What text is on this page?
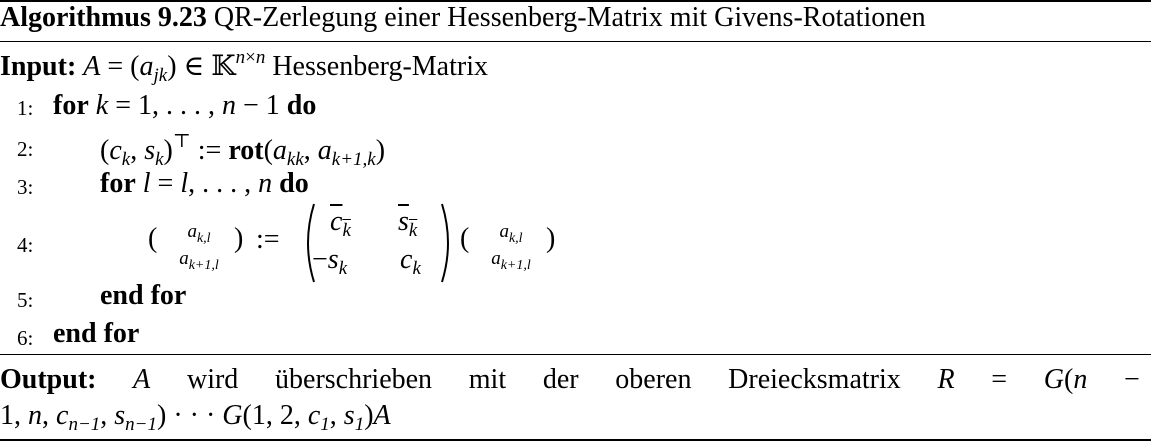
Algorithmus 9.23 QR-Zerlegung einer Hessenberg-Matrix mit Givens-Rotationen
Input: $A = (a_{jk})$ ∈ 𝕂$^{n\times n}$ Hessenberg-Matrix
1: for k = 1, . . . , n − 1 do
2: ($c_k$, $s_k)^⊤$ := $rot(a_{kk}$, $a_{k+1,k}$)
3: for l = l, . . . , n do
4:	(	$a_{k,l}$
$a_{k+1,l}$
) :=
$\overline{c}_{\overline{k}}$ $\overline{s}_{\overline{k}}$
$-s_k$ $c_k$
(	$a_{k,l}$
$a_{k+1,l}$
)
5: end for
6: end for
Output: A wird überschrieben mit der oberen Dreiecksmatrix R = G(n −
1, n, $c_{n-1}$, $s_{n-1}$) · · · G(1, 2, $c_1$, $s_1)A$
